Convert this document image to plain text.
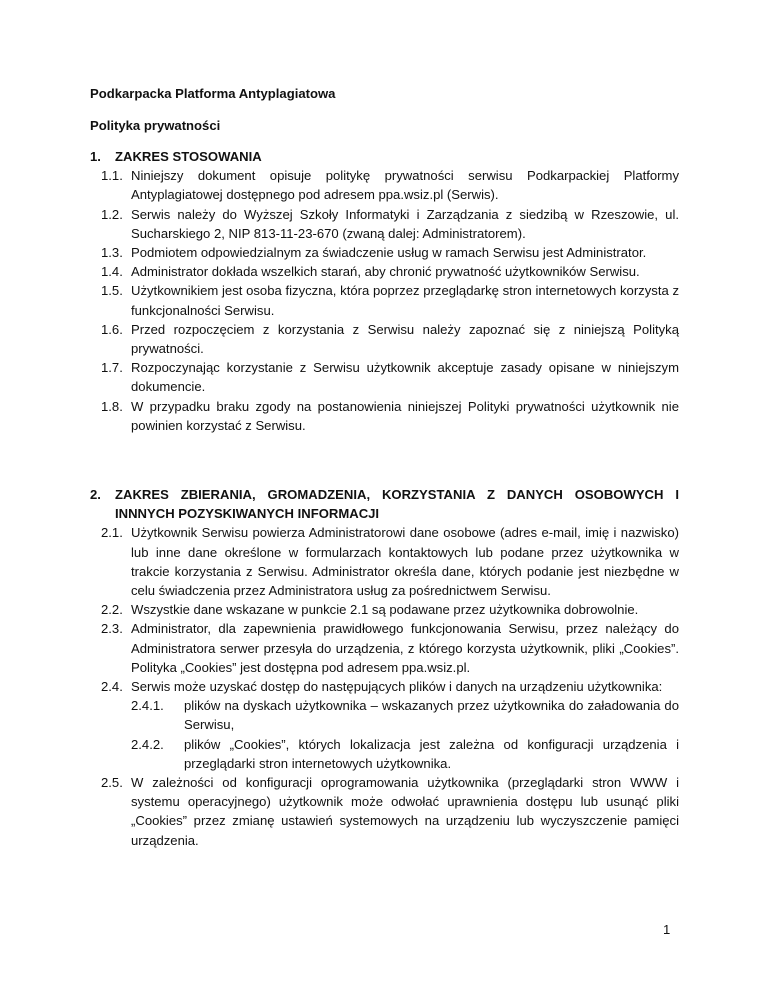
Podkarpacka Platforma Antyplagiatowa
Polityka prywatności
1. ZAKRES STOSOWANIA
1.1. Niniejszy dokument opisuje politykę prywatności serwisu Podkarpackiej Platformy Antyplagiatowej dostępnego pod adresem ppa.wsiz.pl (Serwis).
1.2. Serwis należy do Wyższej Szkoły Informatyki i Zarządzania z siedzibą w Rzeszowie, ul. Sucharskiego 2, NIP 813-11-23-670 (zwaną dalej: Administratorem).
1.3. Podmiotem odpowiedzialnym za świadczenie usług w ramach Serwisu jest Administrator.
1.4. Administrator dokłada wszelkich starań, aby chronić prywatność użytkowników Serwisu.
1.5. Użytkownikiem jest osoba fizyczna, która poprzez przeglądarkę stron internetowych korzysta z funkcjonalności Serwisu.
1.6. Przed rozpoczęciem z korzystania z Serwisu należy zapoznać się z niniejszą Polityką prywatności.
1.7. Rozpoczynając korzystanie z Serwisu użytkownik akceptuje zasady opisane w niniejszym dokumencie.
1.8. W przypadku braku zgody na postanowienia niniejszej Polityki prywatności użytkownik nie powinien korzystać z Serwisu.
2. ZAKRES ZBIERANIA, GROMADZENIA, KORZYSTANIA Z DANYCH OSOBOWYCH I INNNYCH POZYSKIWANYCH INFORMACJI
2.1. Użytkownik Serwisu powierza Administratorowi dane osobowe (adres e-mail, imię i nazwisko) lub inne dane określone w formularzach kontaktowych lub podane przez użytkownika w trakcie korzystania z Serwisu. Administrator określa dane, których podanie jest niezbędne w celu świadczenia przez Administratora usług za pośrednictwem Serwisu.
2.2. Wszystkie dane wskazane w punkcie 2.1 są podawane przez użytkownika dobrowolnie.
2.3. Administrator, dla zapewnienia prawidłowego funkcjonowania Serwisu, przez należący do Administratora serwer przesyła do urządzenia, z którego korzysta użytkownik, pliki „Cookies”. Polityka „Cookies” jest dostępna pod adresem ppa.wsiz.pl.
2.4. Serwis może uzyskać dostęp do następujących plików i danych na urządzeniu użytkownika:
2.4.1. plików na dyskach użytkownika – wskazanych przez użytkownika do załadowania do Serwisu,
2.4.2. plików „Cookies”, których lokalizacja jest zależna od konfiguracji urządzenia i przeglądarki stron internetowych użytkownika.
2.5. W zależności od konfiguracji oprogramowania użytkownika (przeglądarki stron WWW i systemu operacyjnego) użytkownik może odwołać uprawnienia dostępu lub usunąć pliki „Cookies” przez zmianę ustawień systemowych na urządzeniu lub wyczyszczenie pamięci urządzenia.
1
